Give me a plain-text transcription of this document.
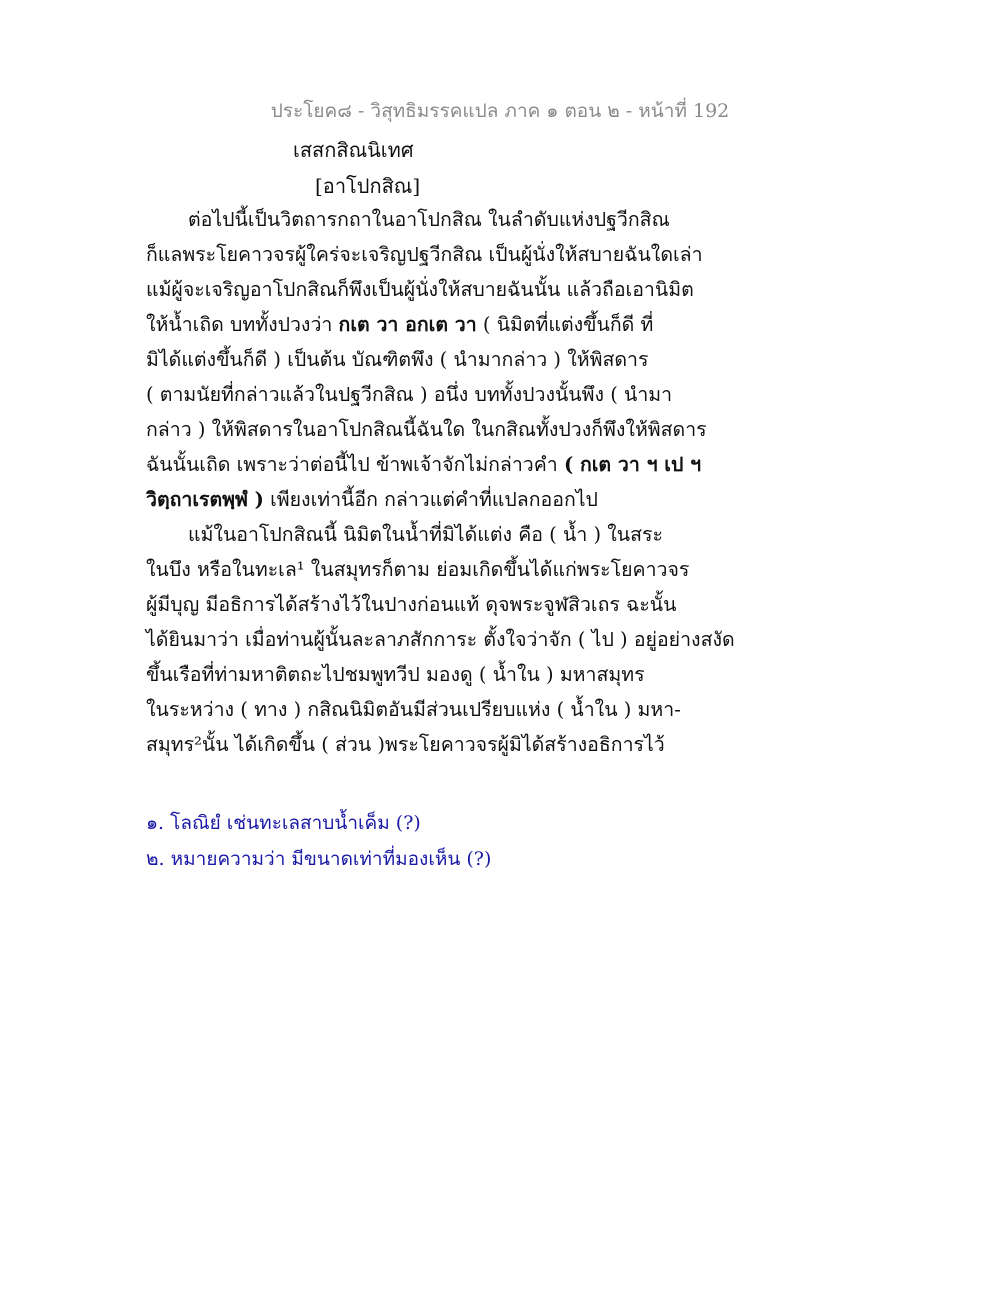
ประโยค๘ - วิสุทธิมรรคแปล ภาค ๑ ตอน ๒ - หน้าที่ 192
เสสกสิณนิเทศ
[อาโปกสิณ]
ต่อไปนี้เป็นวิตถารกถาในอาโปกสิณ ในลำดับแห่งปฐวีกสิณ
ก็แลพระโยคาวจรผู้ใคร่จะเจริญปฐวีกสิณ เป็นผู้นั่งให้สบายฉันใดเล่า
แม้ผู้จะเจริญอาโปกสิณก็พึงเป็นผู้นั่งให้สบายฉันนั้น แล้วถือเอานิมิต
ให้น้ำเถิด บททั้งปวงว่า กเต วา อกเต วา ( นิมิตที่แต่งขึ้นก็ดี ที่
มิได้แต่งขึ้นก็ดี ) เป็นต้น บัณฑิตพึง ( นำมากล่าว ) ให้พิสดาร
( ตามนัยที่กล่าวแล้วในปฐวีกสิณ ) อนึ่ง บททั้งปวงนั้นพึง ( นำมา
กล่าว ) ให้พิสดารในอาโปกสิณนี้ฉันใด ในกสิณทั้งปวงก็พึงให้พิสดาร
ฉันนั้นเถิด เพราะว่าต่อนี้ไป ข้าพเจ้าจักไม่กล่าวคำ ( กเต วา ฯ เป ฯ
วิตฺถาเรตพฺพํ ) เพียงเท่านี้อีก กล่าวแต่คำที่แปลกออกไป
แม้ในอาโปกสิณนี้ นิมิตในน้ำที่มิได้แต่ง คือ ( น้ำ ) ในสระ
ในบึง หรือในทะเล¹ ในสมุทรก็ตาม ย่อมเกิดขึ้นได้แก่พระโยคาวจร
ผู้มีบุญ มีอธิการได้สร้างไว้ในปางก่อนแท้ ดุจพระจูฬสิวเถร ฉะนั้น
ได้ยินมาว่า เมื่อท่านผู้นั้นละลาภสักการะ ตั้งใจว่าจัก ( ไป ) อยู่อย่างสงัด
ขึ้นเรือที่ท่ามหาติตถะไปชมพูทวีป มองดู ( น้ำใน ) มหาสมุทร
ในระหว่าง ( ทาง ) กสิณนิมิตอันมีส่วนเปรียบแห่ง ( น้ำใน ) มหา-
สมุทร²นั้น ได้เกิดขึ้น ( ส่วน )พระโยคาวจรผู้มิได้สร้างอธิการไว้
๑. โลณิยํ เช่นทะเลสาบน้ำเค็ม (?)
๒. หมายความว่า มีขนาดเท่าที่มองเห็น (?)
